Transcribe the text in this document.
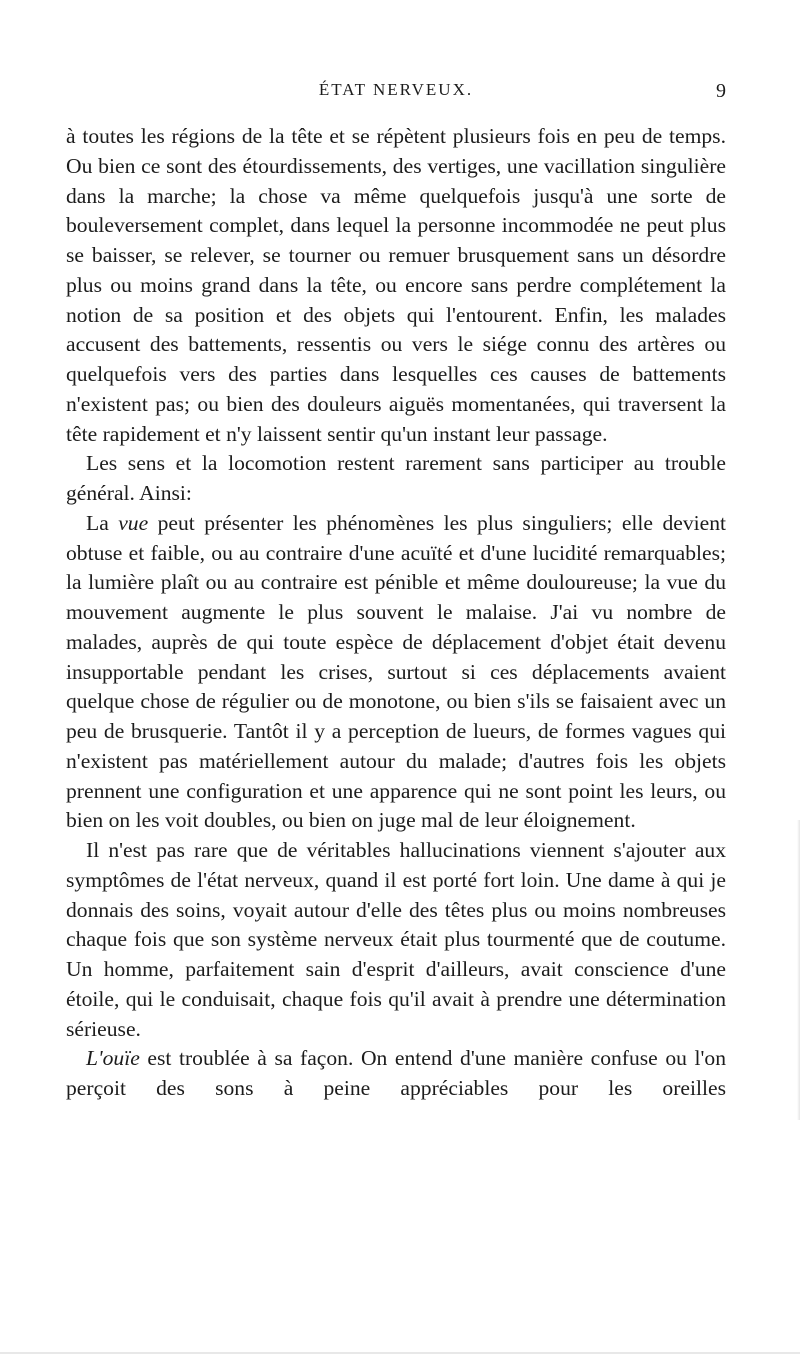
ÉTAT NERVEUX.	9

à toutes les régions de la tête et se répètent plusieurs fois en peu de temps. Ou bien ce sont des étourdissements, des vertiges, une vacillation singulière dans la marche; la chose va même quelquefois jusqu'à une sorte de bouleversement complet, dans lequel la personne incommodée ne peut plus se baisser, se relever, se tourner ou remuer brusquement sans un désordre plus ou moins grand dans la tête, ou encore sans perdre complétement la notion de sa position et des objets qui l'entourent. Enfin, les malades accusent des battements, ressentis ou vers le siége connu des artères ou quelquefois vers des parties dans lesquelles ces causes de battements n'existent pas; ou bien des douleurs aiguës momentanées, qui traversent la tête rapidement et n'y laissent sentir qu'un instant leur passage.

Les sens et la locomotion restent rarement sans participer au trouble général. Ainsi:

La vue peut présenter les phénomènes les plus singuliers; elle devient obtuse et faible, ou au contraire d'une acuïté et d'une lucidité remarquables; la lumière plaît ou au contraire est pénible et même douloureuse; la vue du mouvement augmente le plus souvent le malaise. J'ai vu nombre de malades, auprès de qui toute espèce de déplacement d'objet était devenu insupportable pendant les crises, surtout si ces déplacements avaient quelque chose de régulier ou de monotone, ou bien s'ils se faisaient avec un peu de brusquerie. Tantôt il y a perception de lueurs, de formes vagues qui n'existent pas matériellement autour du malade; d'autres fois les objets prennent une configuration et une apparence qui ne sont point les leurs, ou bien on les voit doubles, ou bien on juge mal de leur éloignement.

Il n'est pas rare que de véritables hallucinations viennent s'ajouter aux symptômes de l'état nerveux, quand il est porté fort loin. Une dame à qui je donnais des soins, voyait autour d'elle des têtes plus ou moins nombreuses chaque fois que son système nerveux était plus tourmenté que de coutume. Un homme, parfaitement sain d'esprit d'ailleurs, avait conscience d'une étoile, qui le conduisait, chaque fois qu'il avait à prendre une détermination sérieuse.

L'ouïe est troublée à sa façon. On entend d'une manière confuse ou l'on perçoit des sons à peine appréciables pour les oreilles
